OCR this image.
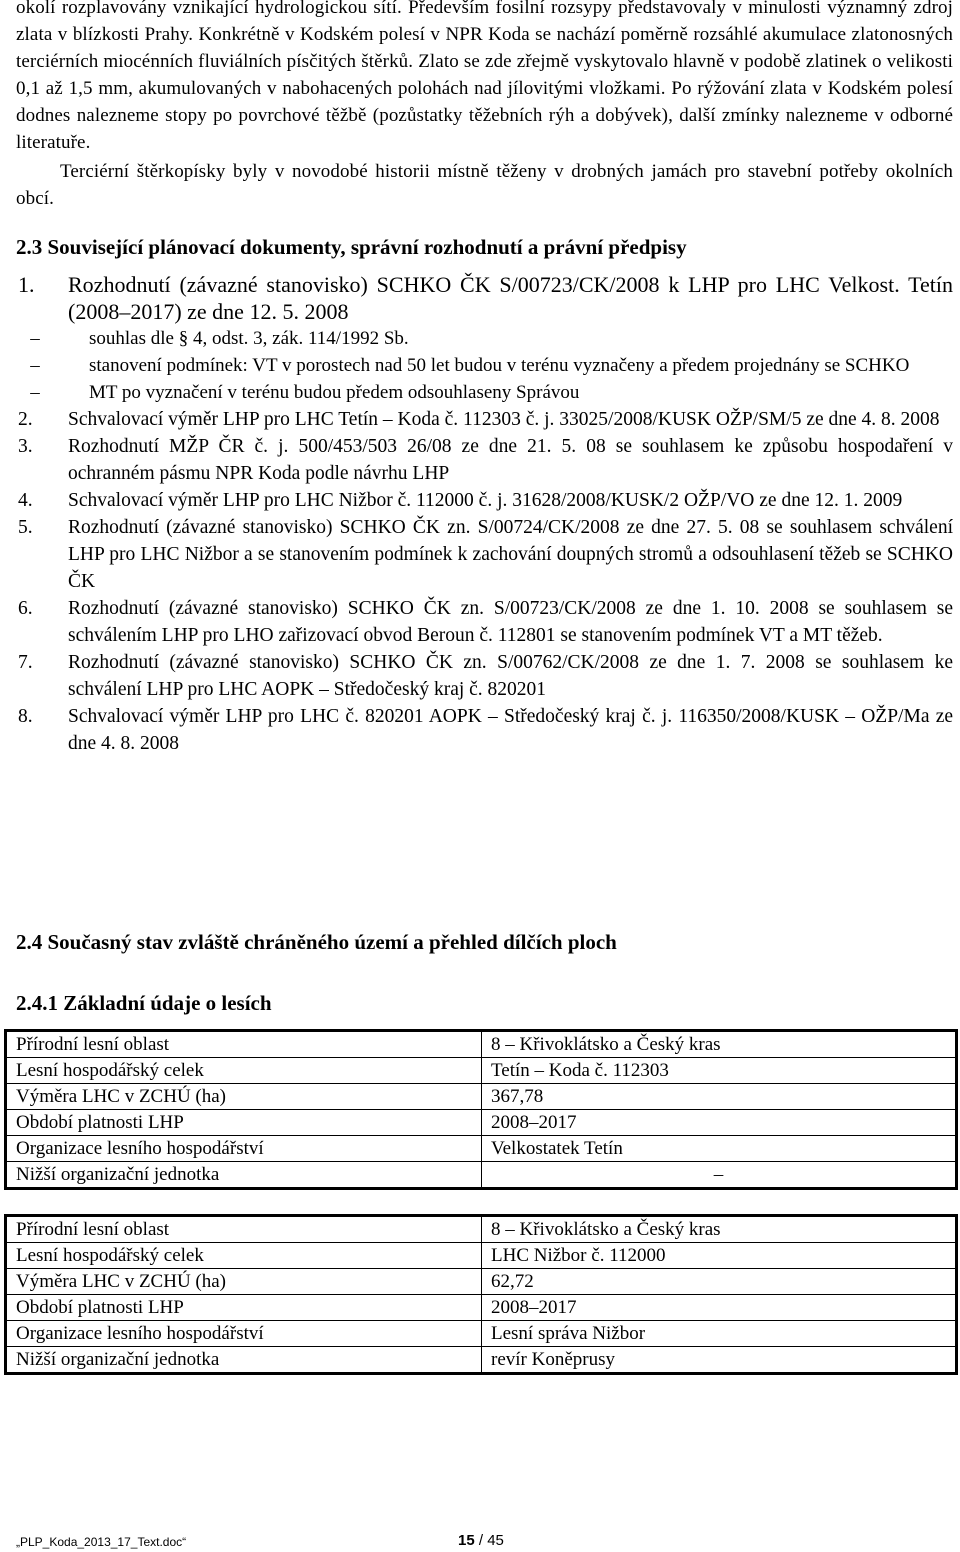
okolí rozplavovány vznikající hydrologickou sítí. Především fosilní rozsypy představovaly v minulosti významný zdroj zlata v blízkosti Prahy. Konkrétně v Kodském polesí v NPR Koda se nachází poměrně rozsáhlé akumulace zlatonosných terciérních miocénních fluviálních písčitých štěrků. Zlato se zde zřejmě vyskytovalo hlavně v podobě zlatinek o velikosti 0,1 až 1,5 mm, akumulovaných v nabohacených polohách nad jílovitými vložkami. Po rýžování zlata v Kodském polesí dodnes nalezneme stopy po povrchové těžbě (pozůstatky těžebních rýh a dobývek), další zmínky nalezneme v odborné literatuře.

Terciérní štěrkopísky byly v novodobé historii místně těženy v drobných jamách pro stavební potřeby okolních obcí.

2.3 Související plánovací dokumenty, správní rozhodnutí a právní předpisy
1. Rozhodnutí (závazné stanovisko) SCHKO ČK S/00723/CK/2008 k LHP pro LHC Velkost. Tetín (2008–2017) ze dne 12. 5. 2008
–	souhlas dle § 4, odst. 3, zák. 114/1992 Sb.
–	stanovení podmínek: VT v porostech nad 50 let budou v terénu vyznačeny a předem projednány se SCHKO
–	MT po vyznačení v terénu budou předem odsouhlaseny Správou
2. Schvalovací výměr LHP pro LHC Tetín – Koda č. 112303 č. j. 33025/2008/KUSK OŽP/SM/5 ze dne 4. 8. 2008
3. Rozhodnutí MŽP ČR č. j. 500/453/503 26/08 ze dne 21. 5. 08 se souhlasem ke způsobu hospodaření v ochranném pásmu NPR Koda podle návrhu LHP
4. Schvalovací výměr LHP pro LHC Nižbor č. 112000 č. j. 31628/2008/KUSK/2 OŽP/VO ze dne 12. 1. 2009
5. Rozhodnutí (závazné stanovisko) SCHKO ČK zn. S/00724/CK/2008 ze dne 27. 5. 08 se souhlasem schválení LHP pro LHC Nižbor a se stanovením podmínek k zachování doupných stromů a odsouhlasení těžeb se SCHKO ČK
6. Rozhodnutí (závazné stanovisko) SCHKO ČK zn. S/00723/CK/2008 ze dne 1. 10. 2008 se souhlasem se schválením LHP pro LHO zařizovací obvod Beroun č. 112801 se stanovením podmínek VT a MT těžeb.
7. Rozhodnutí (závazné stanovisko) SCHKO ČK zn. S/00762/CK/2008 ze dne 1. 7. 2008 se souhlasem ke schválení LHP pro LHC AOPK – Středočeský kraj č. 820201
8. Schvalovací výměr LHP pro LHC č. 820201 AOPK – Středočeský kraj č. j. 116350/2008/KUSK – OŽP/Ma ze dne 4. 8. 2008
2.4 Současný stav zvláště chráněného území a přehled dílčích ploch
2.4.1 Základní údaje o lesích
Přírodní lesní oblast	8 – Křivoklátsko a Český kras
Lesní hospodářský celek	Tetín – Koda č. 112303
Výměra LHC v ZCHÚ (ha)	367,78
Období platnosti LHP	2008–2017
Organizace lesního hospodářství	Velkostatek Tetín
Nižší organizační jednotka	–
Přírodní lesní oblast	8 – Křivoklátsko a Český kras
Lesní hospodářský celek	LHC Nižbor č. 112000
Výměra LHC v ZCHÚ (ha)	62,72
Období platnosti LHP	2008–2017
Organizace lesního hospodářství	Lesní správa Nižbor
Nižší organizační jednotka	revír Koněprusy
„PLP_Koda_2013_17_Text.doc“	15 / 45
